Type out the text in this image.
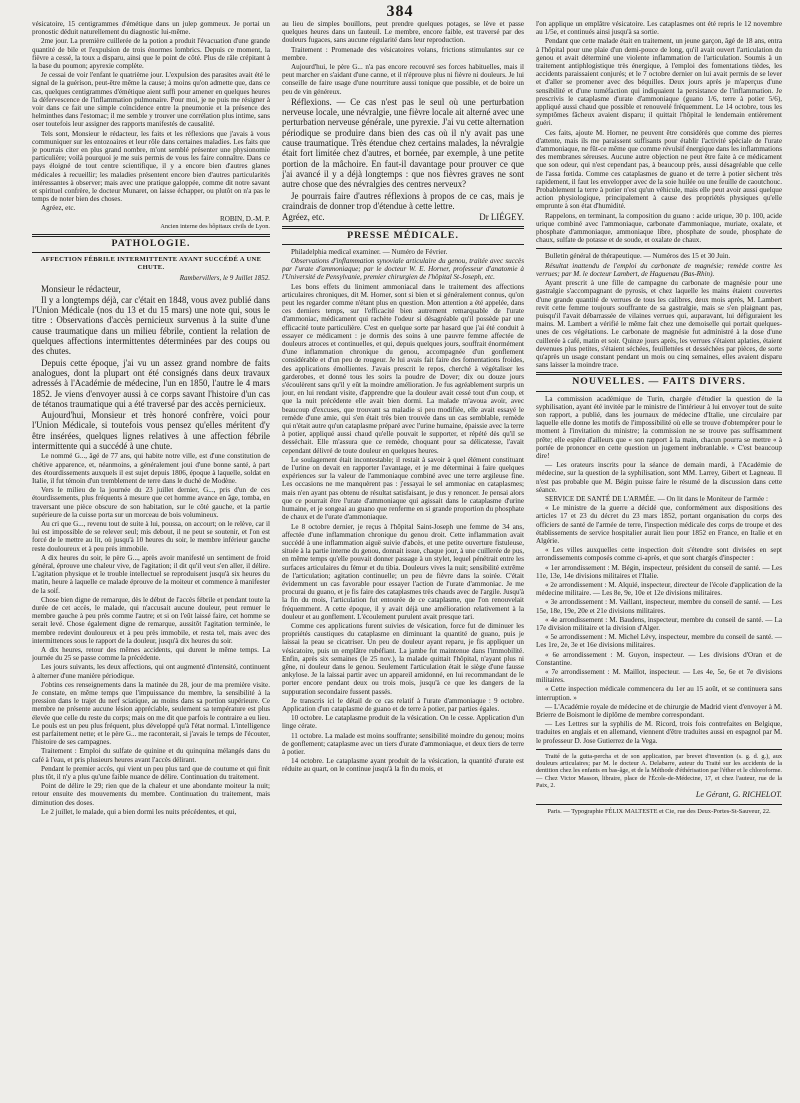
384

vésicatoire, 15 centigrammes d'émétique dans un julep gommeux. Je portai un pronostic déduit naturellement du diagnostic lui-même.

2me jour. La première cuillerée de la potion a produit l'évacuation d'une grande quantité de bile et l'expulsion de trois énormes lombrics. Depuis ce moment, la fièvre a cessé, la toux a disparu, ainsi que le point de côté. Plus de râle crépitant à la base du poumon; apyrexie complète.

Je cessai de voir l'enfant le quatrième jour. L'expulsion des parasites avait été le signal de la guérison, peut-être même la cause; à moins qu'on admette que, dans ce cas, quelques centigrammes d'émétique aient suffi pour amener en quelques heures la défervescence de l'inflammation pulmonaire. Pour moi, je ne puis me résigner à voir dans ce fait une simple coïncidence entre la pneumonie et la présence des helminthes dans l'estomac; il me semble y trouver une corrélation plus intime, sans oser toutefois leur assigner des rapports manifestés de causalité.

Tels sont, Monsieur le rédacteur, les faits et les réflexions que j'avais à vous communiquer sur les entozoaires et leur rôle dans certaines maladies. Les faits que je pourrais citer en plus grand nombre, m'ont semblé présenter une physionomie particulière; voilà pourquoi je me suis permis de vous les faire connaître. Dans ce pays éloigné de tout centre scientifique, il y a encore bien d'autres glanes médicales à recueillir; les maladies présentent encore bien d'autres particularités intéressantes à observer; mais avec une pratique galoppée, comme dit notre savant et spirituel confrère, le docteur Munaret, on laisse échapper, ou plutôt on n'a pas le temps de noter bien des choses.

Agréez, etc.

ROBIN, D.-M. P.
Ancien interne des hôpitaux civils de Lyon.
PATHOLOGIE.
AFFECTION FÉBRILE INTERMITTENTE AYANT SUCCÉDÉ A UNE CHUTE.
Rambervillers, le 9 Juillet 1852.

Monsieur le rédacteur,

Il y a longtemps déjà, car c'était en 1848, vous avez publié dans l'Union Médicale (nos du 13 et du 15 mars) une note qui, sous le titre : Observations d'accès pernicieux survenus à la suite d'une cause traumatique dans un milieu fébrile, contient la relation de quelques affections intermittentes déterminées par des coups ou des chutes.

Depuis cette époque, j'ai vu un assez grand nombre de faits analogues, dont la plupart ont été consignés dans deux travaux adressés à l'Académie de médecine, l'un en 1850, l'autre le 4 mars 1852. Je viens d'envoyer aussi à ce corps savant l'histoire d'un cas de tétanos traumatique qui a été traversé par des accès pernicieux.

Aujourd'hui, Monsieur et très honoré confrère, voici pour l'Union Médicale, si toutefois vous pensez qu'elles méritent d'y être insérées, quelques lignes relatives à une affection fébrile intermittente qui a succédé à une chute.

Le nommé G..., âgé de 77 ans, qui habite notre ville, est d'une constitution de chétive apparence, et, néanmoins, a généralement joui d'une bonne santé, à part des étourdissements auxquels il est sujet depuis 1806, époque à laquelle, soldat en Italie, il fut témoin d'un tremblement de terre dans le duché de Modène.

Vers le milieu de la journée du 23 juillet dernier, G..., pris d'un de ces étourdissements, plus fréquents à mesure que cet homme avance en âge, tomba, en traversant une pièce obscure de son habitation, sur le côté gauche, et la partie supérieure de la cuisse porta sur un morceau de bois volumineux.

Au cri que G..., revenu tout de suite à lui, poussa, on accourt; on le relève, car il lui est impossible de se relever seul; mis debout, il ne peut se soutenir, et l'on est forcé de le mettre au lit, où jusqu'à 10 heures du soir, le membre inférieur gauche reste douloureux et à peu près immobile.

A dix heures du soir, le père G..., après avoir manifesté un sentiment de froid général, éprouve une chaleur vive, de l'agitation; il dit qu'il veut s'en aller, il délire. L'agitation physique et le trouble intellectuel se reproduisent jusqu'à six heures du matin, heure à laquelle ce malade éprouve de la moiteur et commence à manifester de la soif.

Chose bien digne de remarque, dès le début de l'accès fébrile et pendant toute la durée de cet accès, le malade, qui n'accusait aucune douleur, peut remuer le membre gauche à peu près comme l'autre; et si on l'eût laissé faire, cet homme se serait levé. Chose également digne de remarque, aussitôt l'agitation terminée, le membre redevint douloureux et à peu près immobile, et resta tel, mais avec des intermittences sous le rapport de la douleur, jusqu'à dix heures du soir.

A dix heures, retour des mêmes accidents, qui durent le même temps. La journée du 25 se passe comme la précédente.

Les jours suivants, les deux affections, qui ont augmenté d'intensité, continuent à alterner d'une manière périodique.

J'obtins ces renseignements dans la matinée du 28, jour de ma première visite. Je constate, en même temps que l'impuissance du membre, la sensibilité à la pression dans le trajet du nerf sciatique, au moins dans sa portion supérieure. Ce membre ne présente aucune lésion appréciable, seulement sa température est plus élevée que celle du reste du corps; mais on me dit que parfois le contraire a eu lieu. Le pouls est un peu plus fréquent, plus développé qu'à l'état normal. L'intelligence est parfaitement nette; et le père G... me raconterait, si j'avais le temps de l'écouter, l'histoire de ses campagnes.

Traitement : Emploi du sulfate de quinine et du quinquina mélangés dans du café à l'eau, et pris plusieurs heures avant l'accès délirant.

Pendant le premier accès, qui vient un peu plus tard que de coutume et qui finit plus tôt, il n'y a plus qu'une faible nuance de délire. Continuation du traitement.

Point de délire le 29; rien que de la chaleur et une abondante moiteur la nuit; retour ensuite des mouvements du membre. Continuation du traitement, mais diminution des doses.

Le 2 juillet, le malade, qui a bien dormi les nuits précédentes, et qui,

au lieu de simples bouillons, peut prendre quelques potages, se lève et passe quelques heures dans un fauteuil. Le membre, encore faible, est traversé par des douleurs fugaces, sans aucune régularité dans leur reproduction.

Traitement : Promenade des vésicatoires volans, frictions stimulantes sur ce membre.

Aujourd'hui, le père G... n'a pas encore recouvré ses forces habituelles, mais il peut marcher en s'aidant d'une canne, et il n'éprouve plus ni fièvre ni douleurs. Je lui conseille de faire usage d'une nourriture aussi tonique que possible, et de boire un peu de vin généreux.

Réflexions. — Ce cas n'est pas le seul où une perturbation nerveuse locale, une névralgie, une fièvre locale ait alterné avec une perturbation nerveuse générale, une pyrexie. J'ai vu cette alternation périodique se produire dans bien des cas où il n'y avait pas une cause traumatique. Très étendue chez certains malades, la névralgie était fort limitée chez d'autres, et bornée, par exemple, à une petite portion de la mâchoire. En faut-il davantage pour prouver ce que j'ai avancé il y a déjà longtemps : que nos fièvres graves ne sont autre chose que des névralgies des centres nerveux?

Je pourrais faire d'autres réflexions à propos de ce cas, mais je craindrais de donner trop d'étendue à cette lettre.

Agréez, etc.	Dr LIÉGEY.
PRESSE MÉDICALE.

Philadelphia medical examiner. — Numéro de Février.

Observations d'inflammation synoviale articulaire du genou, traitée avec succès par l'urate d'ammoniaque; par le docteur W. E. Horner, professeur d'anatomie à l'Université de Pensylvanie, premier chirurgien de l'hôpital St-Joseph, etc.

Les bons effets du liniment ammoniacal dans le traitement des affections articulaires chroniques, dit M. Horner, sont si bien et si généralement connus, qu'on peut les regarder comme n'étant plus en question. Mon attention a été appelée, dans ces derniers temps, sur l'efficacité bien autrement remarquable de l'urate d'ammoniac, médicament qui rachète l'odeur si désagréable qu'il possède par une efficacité toute particulière. C'est en quelque sorte par hasard que j'ai été conduit à essayer ce médicament : je dormis des soins à une pauvre femme affectée de douleurs atroces et continuelles, et qui, depuis quelques jours, souffrait énormément d'une inflammation chronique du genou, accompagnée d'un gonflement considérable et d'un peu de rougeur. Je lui avais fait faire des fomentations froides, des applications émollientes. J'avais prescrit le repos, cherché à végétaliser les garderobes, et donné tous les soirs la poudre de Dover; dix ou douze jours s'écoulèrent sans qu'il y eût la moindre amélioration. Je fus agréablement surpris un jour, en lui rendant visite, d'apprendre que la douleur avait cessé tout d'un coup, et que la nuit précédente elle avait bien dormi. La malade m'avoua avoir, avec beaucoup d'excuses, que trouvant sa maladie si peu modifiée, elle avait essayé le remède d'une amie, qui s'en était très bien trouvée dans un cas semblable, remède qui n'était autre qu'un cataplasme préparé avec l'urine humaine, épaissie avec la terre à potier, appliqué aussi chaud qu'elle pouvait le supporter, et répété dès qu'il se desséchait. Elle m'assura que ce remède, choquant pour sa délicatesse, l'avait cependant délivré de toute douleur en quelques heures.

Le soulagement était incontestable; il restait à savoir à quel élément constituant de l'urine on devait en rapporter l'avantage, et je me déterminai à faire quelques expériences sur la valeur de l'ammoniaque combiné avec une terre argileuse fine. Les occasions ne me manquèrent pas : j'essayai le sel ammoniac en cataplasmes; mais n'en ayant pas obtenu de résultat satisfaisant, je dus y renoncer. Je pensai alors que ce pourrait être l'urate d'ammoniaque qui agissait dans le cataplasme d'urine humaine, et je songeai au guano que renferme en si grande proportion du phosphate de chaux et de l'urate d'ammoniaque.

Le 8 octobre dernier, je reçus à l'hôpital Saint-Joseph une femme de 34 ans, affectée d'une inflammation chronique du genou droit. Cette inflammation avait succédé à une inflammation aiguë suivie d'abcès, et une petite ouverture fistuleuse, située à la partie interne du genou, donnait issue, chaque jour, à une cuillerée de pus, en même temps qu'elle pouvait donner passage à un stylet, lequel pénétrait entre les surfaces articulaires du fémur et du tibia. Douleurs vives la nuit; sensibilité extrême de l'articulation; agitation continuelle; un peu de fièvre dans la soirée. C'était évidemment un cas favorable pour essayer l'action de l'urate d'ammoniac. Je me procurai du guano, et je fis faire des cataplasmes très chauds avec de l'argile. Jusqu'à la fin du mois, l'articulation fut entourée de ce cataplasme, que l'on renouvelait fréquemment. A cette époque, il y avait déjà une amélioration relativement à la douleur et au gonflement. L'écoulement purulent avait presque tari.

Comme ces applications furent suivies de vésication, force fut de diminuer les propriétés caustiques du cataplasme en diminuant la quantité de guano, puis je laissai la peau se cicatriser. Un peu de douleur ayant reparu, je fis appliquer un vésicatoire, puis un emplâtre rubéfiant. La jambe fut maintenue dans l'immobilité. Enfin, après six semaines (le 25 nov.), la malade quittait l'hôpital, n'ayant plus ni gêne, ni douleur dans le genou. Seulement l'articulation était le siège d'une fausse ankylose. Je la laissai partir avec un appareil amidonné, en lui recommandant de le porter encore pendant deux ou trois mois, jusqu'à ce que les dangers de la suppuration secondaire fussent passés.

Je transcris ici le détail de ce cas relatif à l'urate d'ammoniaque : 9 octobre. Application d'un cataplasme de guano et de terre à potier, par parties égales.

10 octobre. Le cataplasme produit de la vésication. On le cesse. Application d'un linge cérate.

11 octobre. La malade est moins souffrante; sensibilité moindre du genou; moins de gonflement; cataplasme avec un tiers d'urate d'ammoniaque, et deux tiers de terre à potier.

14 octobre. Le cataplasme ayant produit de la vésication, la quantité d'urate est réduite au quart, on le continue jusqu'à la fin du mois, et

l'on applique un emplâtre vésicatoire. Les cataplasmes ont été repris le 12 novembre au 1/5e, et continués ainsi jusqu'à sa sortie.

Pendant que cette malade était en traitement, un jeune garçon, âgé de 18 ans, entra à l'hôpital pour une plaie d'un demi-pouce de long, qu'il avait ouvert l'articulation du genou et avait déterminé une violente inflammation de l'articulation. Soumis à un traitement antiphlogistique très énergique, à l'emploi des fomentations tièdes, les accidents paraissaient conjurés; et le 7 octobre dernier on lui avait permis de se lever et d'aller se promener avec des béquilles. Deux jours après je m'aperçus d'une sensibilité et d'une tuméfaction qui indiquaient la persistance de l'inflammation. Je prescrivis le cataplasme d'urate d'ammoniaque (guano 1/6, terre à potier 5/6), appliqué aussi chaud que possible et renouvelé fréquemment. Le 14 octobre, tous les symptômes fâcheux avaient disparu; il quittait l'hôpital le lendemain entièrement guéri.

Ces faits, ajoute M. Horner, ne peuvent être considérés que comme des pierres d'attente, mais ils me paraissent suffisants pour établir l'activité spéciale de l'urate d'ammoniaque, ne fût-ce même que comme révulsif énergique dans les inflammations des membranes séreuses. Aucune autre objection ne peut être faite à ce médicament que son odeur, qui n'est cependant pas, à beaucoup près, aussi désagréable que celle de l'assa fœtida. Comme ces cataplasmes de guano et de terre à potier sèchent très rapidement, il faut les envelopper avec de la soie huilée ou une feuille de caoutchouc. Probablement la terre à potier n'est qu'un véhicule, mais elle peut avoir aussi quelque action physiologique, principalement à cause des propriétés physiques qu'elle emprunte à son état d'humidité.

Rappelons, en terminant, la composition du guano : acide urique, 30 p. 100, acide urique combiné avec l'ammoniaque, carbonate d'ammoniaque, muriate, oxalate, et phosphate d'ammoniaque, ammoniaque libre, phosphate de soude, phosphate de chaux, sulfate de potasse et de soude, et oxalate de chaux.

Bulletin général de thérapeutique. — Numéros des 15 et 30 Juin.

Résultat inattendu de l'emploi du carbonate de magnésie; remède contre les verrues; par M. le docteur Lambert, de Haguenau (Bas-Rhin).

Ayant prescrit à une fille de campagne du carbonate de magnésie pour une gastralgie s'accompagnant de pyrosis, et chez laquelle les mains étaient couvertes d'une grande quantité de verrues de tous les calibres, deux mois après, M. Lambert revit cette femme toujours souffrante de sa gastralgie, mais se s'en plaignant pas, puisqu'il l'avait débarrassée de vilaines verrues qui, auparavant, lui défiguraient les mains. M. Lambert a vérifié le même fait chez une demoiselle qui portait quelques-unes de ces végétations. Le carbonate de magnésie fut administré à la dose d'une cuillerée à café, matin et soir. Quinze jours après, les verrues s'étaient aplaties, étaient devenues plus petites, s'étaient séchées, feuillettées et desséchées par pièces, de sorte qu'après un usage constant pendant un mois ou cinq semaines, elles avaient disparu sans laisser la moindre trace.

NOUVELLES. — FAITS DIVERS.

La commission académique de Turin, chargée d'étudier la question de la syphilisation, ayant été invitée par le ministre de l'intérieur à lui envoyer tout de suite son rapport, a publié, dans les journaux de médecine d'Italie, une circulaire par laquelle elle donne les motifs de l'impossibilité où elle se trouve d'obtempérer pour le moment à l'invitation du ministre; la commission ne se trouve pas suffisamment prête; elle espère d'ailleurs que « son rapport à la main, chacun pourra se mettre « à portée de prononcer en cette question un jugement inébranlable. » C'est beaucoup dire!

— Les orateurs inscrits pour la séance de demain mardi, à l'Académie de médecine, sur la question de la syphilisation, sont MM. Larrey, Gibert et Lagneau. Il n'est pas probable que M. Bégin puisse faire le résumé de la discussion dans cette séance.

SERVICE DE SANTÉ DE L'ARMÉE. — On lit dans le Moniteur de l'armée :

« Le ministre de la guerre a décidé que, conformément aux dispositions des articles 17 et 23 du décret du 23 mars 1852, portant organisation du corps des officiers de santé de l'armée de terre, l'inspection médicale des corps de troupe et des établissements de service hospitalier aurait lieu pour 1852 en France, en Italie et en Algérie.

« Les villes auxquelles cette inspection doit s'étendre sont divisées en sept arrondissements composés comme ci-après, et que sont chargés d'inspecter :

« 1er arrondissement : M. Bégin, inspecteur, président du conseil de santé. — Les 11e, 13e, 14e divisions militaires et l'Italie.

« 2e arrondissement : M. Alquié, inspecteur, directeur de l'école d'application de la médecine militaire. — Les 8e, 9e, 10e et 12e divisions militaires.

« 3e arrondissement : M. Vaillant, inspecteur, membre du conseil de santé. — Les 15e, 18e, 19e, 20e et 21e divisions militaires.

« 4e arrondissement : M. Baudens, inspecteur, membre du conseil de santé. — La 17e division militaire et la division d'Alger.

« 5e arrondissement : M. Michel Lévy, inspecteur, membre du conseil de santé. — Les 1re, 2e, 3e et 16e divisions militaires.

« 6e arrondissement : M. Guyon, inspecteur. — Les divisions d'Oran et de Constantine.

« 7e arrondissement : M. Maillot, inspecteur. — Les 4e, 5e, 6e et 7e divisions militaires.

« Cette inspection médicale commencera du 1er au 15 août, et se continuera sans interruption. »

— L'Académie royale de médecine et de chirurgie de Madrid vient d'envoyer à M. Brierre de Boismont le diplôme de membre correspondant.

— Les Lettres sur la syphilis de M. Ricord, trois fois contrefaites en Belgique, traduites en anglais et en allemand, viennent d'être traduites aussi en espagnol par M. le professeur D. Jose Gutierrez de la Vega.

Traité de la gutta-percha et de son application, par brevet d'invention (s. g. d. g.), aux douleurs articulaires; par M. le docteur A. Delabarre, auteur du Traité sur les accidents de la dentition chez les enfants en bas-âge, et de la Méthode d'éthérisation par l'éther et le chloroforme. — Chez Victor Masson, libraire, place de l'École-de-Médecine, 17, et chez l'auteur, rue de la Paix, 2.

Le Gérant, G. RICHELOT.
Paris. — Typographie FÉLIX MALTESTE et Cie, rue des Deux-Portes-St-Sauveur, 22.
